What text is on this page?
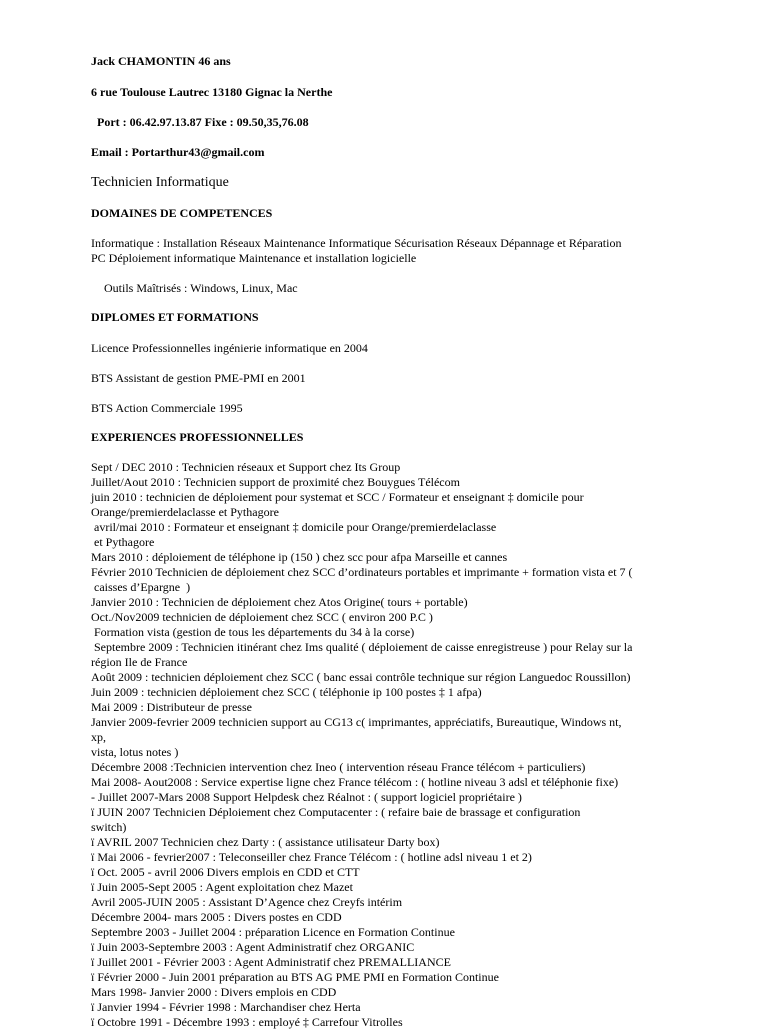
Jack CHAMONTIN 46 ans
6 rue Toulouse Lautrec 13180 Gignac la Nerthe
Port : 06.42.97.13.87 Fixe : 09.50,35,76.08
Email : Portarthur43@gmail.com
Technicien Informatique
DOMAINES DE COMPETENCES
Informatique : Installation Réseaux Maintenance Informatique Sécurisation Réseaux Dépannage et Réparation
PC Déploiement informatique Maintenance et installation logicielle
Outils Maîtrisés : Windows, Linux, Mac
DIPLOMES ET FORMATIONS
Licence Professionnelles ingénierie informatique en 2004
BTS Assistant de gestion PME-PMI en 2001
BTS Action Commerciale 1995
EXPERIENCES PROFESSIONNELLES
Sept / DEC 2010 : Technicien réseaux et Support chez Its Group
Juillet/Aout 2010 : Technicien support de proximité chez Bouygues Télécom
juin 2010 : technicien de déploiement pour systemat et SCC / Formateur et enseignant ‡ domicile pour
Orange/premierdelaclasse et Pythagore
avril/mai 2010 : Formateur et enseignant ‡ domicile pour Orange/premierdelaclasse
et Pythagore
Mars 2010 : déploiement de téléphone ip (150 ) chez scc pour afpa Marseille et cannes
Février 2010 Technicien de déploiement chez SCC d’ordinateurs portables et imprimante + formation vista et 7 (
caisses d’Epargne  )
Janvier 2010 : Technicien de déploiement chez Atos Origine( tours + portable)
Oct./Nov2009 technicien de déploiement chez SCC ( environ 200 P.C )
Formation vista (gestion de tous les départements du 34 à la corse)
Septembre 2009 : Technicien itinérant chez Ims qualité ( déploiement de caisse enregistreuse ) pour Relay sur la
région Ile de France
Août 2009 : technicien déploiement chez SCC ( banc essai contrôle technique sur région Languedoc Roussillon)
Juin 2009 : technicien déploiement chez SCC ( téléphonie ip 100 postes ‡ 1 afpa)
Mai 2009 : Distributeur de presse
Janvier 2009-fevrier 2009 technicien support au CG13 c( imprimantes, appréciatifs, Bureautique, Windows nt,
xp,
vista, lotus notes )
Décembre 2008 :Technicien intervention chez Ineo ( intervention réseau France télécom + particuliers)
Mai 2008- Aout2008 : Service expertise ligne chez France télécom : ( hotline niveau 3 adsl et téléphonie fixe)
- Juillet 2007-Mars 2008 Support Helpdesk chez Réalnot : ( support logiciel propriétaire )
ï JUIN 2007 Technicien Déploiement chez Computacenter : ( refaire baie de brassage et configuration
switch)
ï AVRIL 2007 Technicien chez Darty : ( assistance utilisateur Darty box)
ï Mai 2006 - fevrier2007 : Teleconseiller chez France Télécom : ( hotline adsl niveau 1 et 2)
ï Oct. 2005 - avril 2006 Divers emplois en CDD et CTT
ï Juin 2005-Sept 2005 : Agent exploitation chez Mazet
Avril 2005-JUIN 2005 : Assistant D’Agence chez Creyfs intérim
Décembre 2004- mars 2005 : Divers postes en CDD
Septembre 2003 - Juillet 2004 : préparation Licence en Formation Continue
ï Juin 2003-Septembre 2003 : Agent Administratif chez ORGANIC
ï Juillet 2001 - Février 2003 : Agent Administratif chez PREMALLIANCE
ï Février 2000 - Juin 2001 préparation au BTS AG PME PMI en Formation Continue
Mars 1998- Janvier 2000 : Divers emplois en CDD
ï Janvier 1994 - Février 1998 : Marchandiser chez Herta
ï Octobre 1991 - Décembre 1993 : employé ‡ Carrefour Vitrolles
